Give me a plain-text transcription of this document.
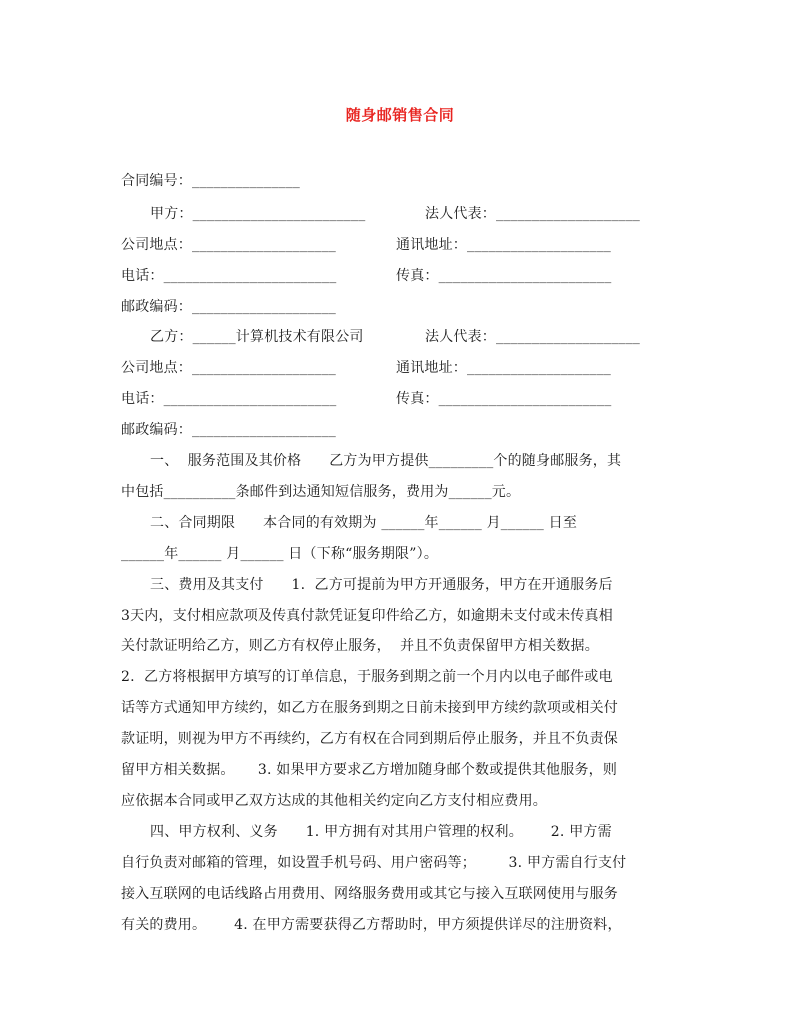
随身邮销售合同
合同编号：_______________
甲方：________________________	法人代表：____________________
公司地点：____________________	通讯地址：____________________
电话：________________________	传真：________________________
邮政编码：____________________
乙方：______计算机技术有限公司	法人代表：____________________
公司地点：____________________	通讯地址：____________________
电话：________________________	传真：________________________
邮政编码：____________________
一、  服务范围及其价格      乙方为甲方提供_________个的随身邮服务，其
中包括__________条邮件到达通知短信服务，费用为______元。
二、合同期限      本合同的有效期为 ______年______ 月______ 日至
______年______ 月______ 日（下称“服务期限”）。
三、费用及其支付      1.  乙方可提前为甲方开通服务，甲方在开通服务后
3天内，支付相应款项及传真付款凭证复印件给乙方，如逾期未支付或未传真相
关付款证明给乙方，则乙方有权停止服务，  并且不负责保留甲方相关数据。
2.  乙方将根据甲方填写的订单信息，于服务到期之前一个月内以电子邮件或电
话等方式通知甲方续约，如乙方在服务到期之日前未接到甲方续约款项或相关付
款证明，则视为甲方不再续约，乙方有权在合同到期后停止服务，并且不负责保
留甲方相关数据。     3. 如果甲方要求乙方增加随身邮个数或提供其他服务，则
应依据本合同或甲乙双方达成的其他相关约定向乙方支付相应费用。
四、甲方权利、义务      1. 甲方拥有对其用户管理的权利。      2. 甲方需
自行负责对邮箱的管理，如设置手机号码、用户密码等；       3. 甲方需自行支付
接入互联网的电话线路占用费用、网络服务费用或其它与接入互联网使用与服务
有关的费用。      4. 在甲方需要获得乙方帮助时，甲方须提供详尽的注册资料，
